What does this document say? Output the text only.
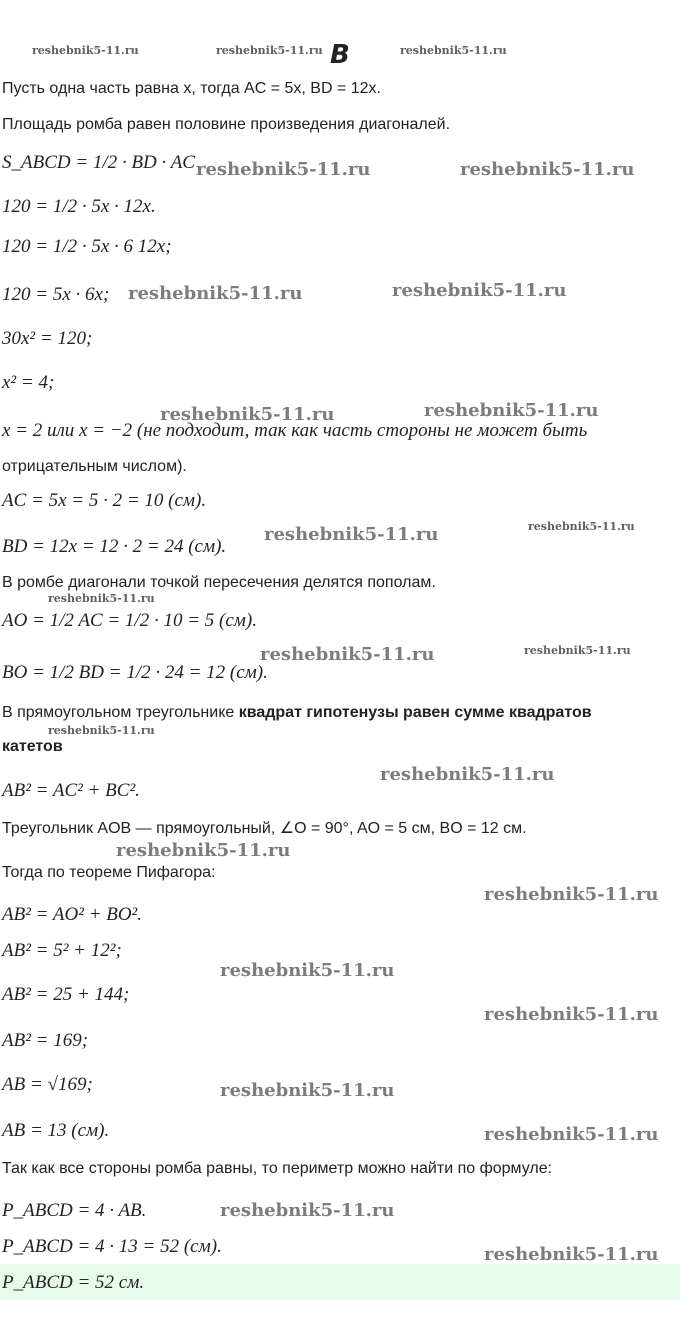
B
reshebnik5-11.ru	reshebnik5-11.ru	reshebnik5-11.ru
reshebnik5-11.ru	reshebnik5-11.ru
reshebnik5-11.ru	reshebnik5-11.ru
reshebnik5-11.ru	reshebnik5-11.ru
reshebnik5-11.ru	reshebnik5-11.ru
reshebnik5-11.ru
reshebnik5-11.ru	reshebnik5-11.ru
reshebnik5-11.ru
reshebnik5-11.ru
reshebnik5-11.ru
reshebnik5-11.ru
reshebnik5-11.ru
reshebnik5-11.ru
reshebnik5-11.ru
reshebnik5-11.ru
reshebnik5-11.ru
reshebnik5-11.ru
Пусть одна часть равна x, тогда AC = 5x, BD = 12x.
Площадь ромба равен половине произведения диагоналей.
S_ABCD = 1/2 · BD · AC
120 = 1/2 · 5x · 12x.
120 = 1/2 · 5x · 6 12x;
120 = 5x · 6x;
30x² = 120;
x² = 4;
x = 2 или x = −2 (не подходит, так как часть стороны не может быть
отрицательным числом).
AC = 5x = 5 · 2 = 10 (см).
BD = 12x = 12 · 2 = 24 (см).
В ромбе диагонали точкой пересечения делятся пополам.
AO = 1/2 AC = 1/2 · 10 = 5 (см).
BO = 1/2 BD = 1/2 · 24 = 12 (см).
В прямоугольном треугольнике квадрат гипотенузы равен сумме квадратов
катетов
AB² = AC² + BC².
Треугольник AOB — прямоугольный, ∠O = 90°, AO = 5 см, BO = 12 см.
Тогда по теореме Пифагора:
AB² = AO² + BO².
AB² = 5² + 12²;
AB² = 25 + 144;
AB² = 169;
AB = √169;
AB = 13 (см).
Так как все стороны ромба равны, то периметр можно найти по формуле:
P_ABCD = 4 · AB.
P_ABCD = 4 · 13 = 52 (см).
P_ABCD = 52 см.
